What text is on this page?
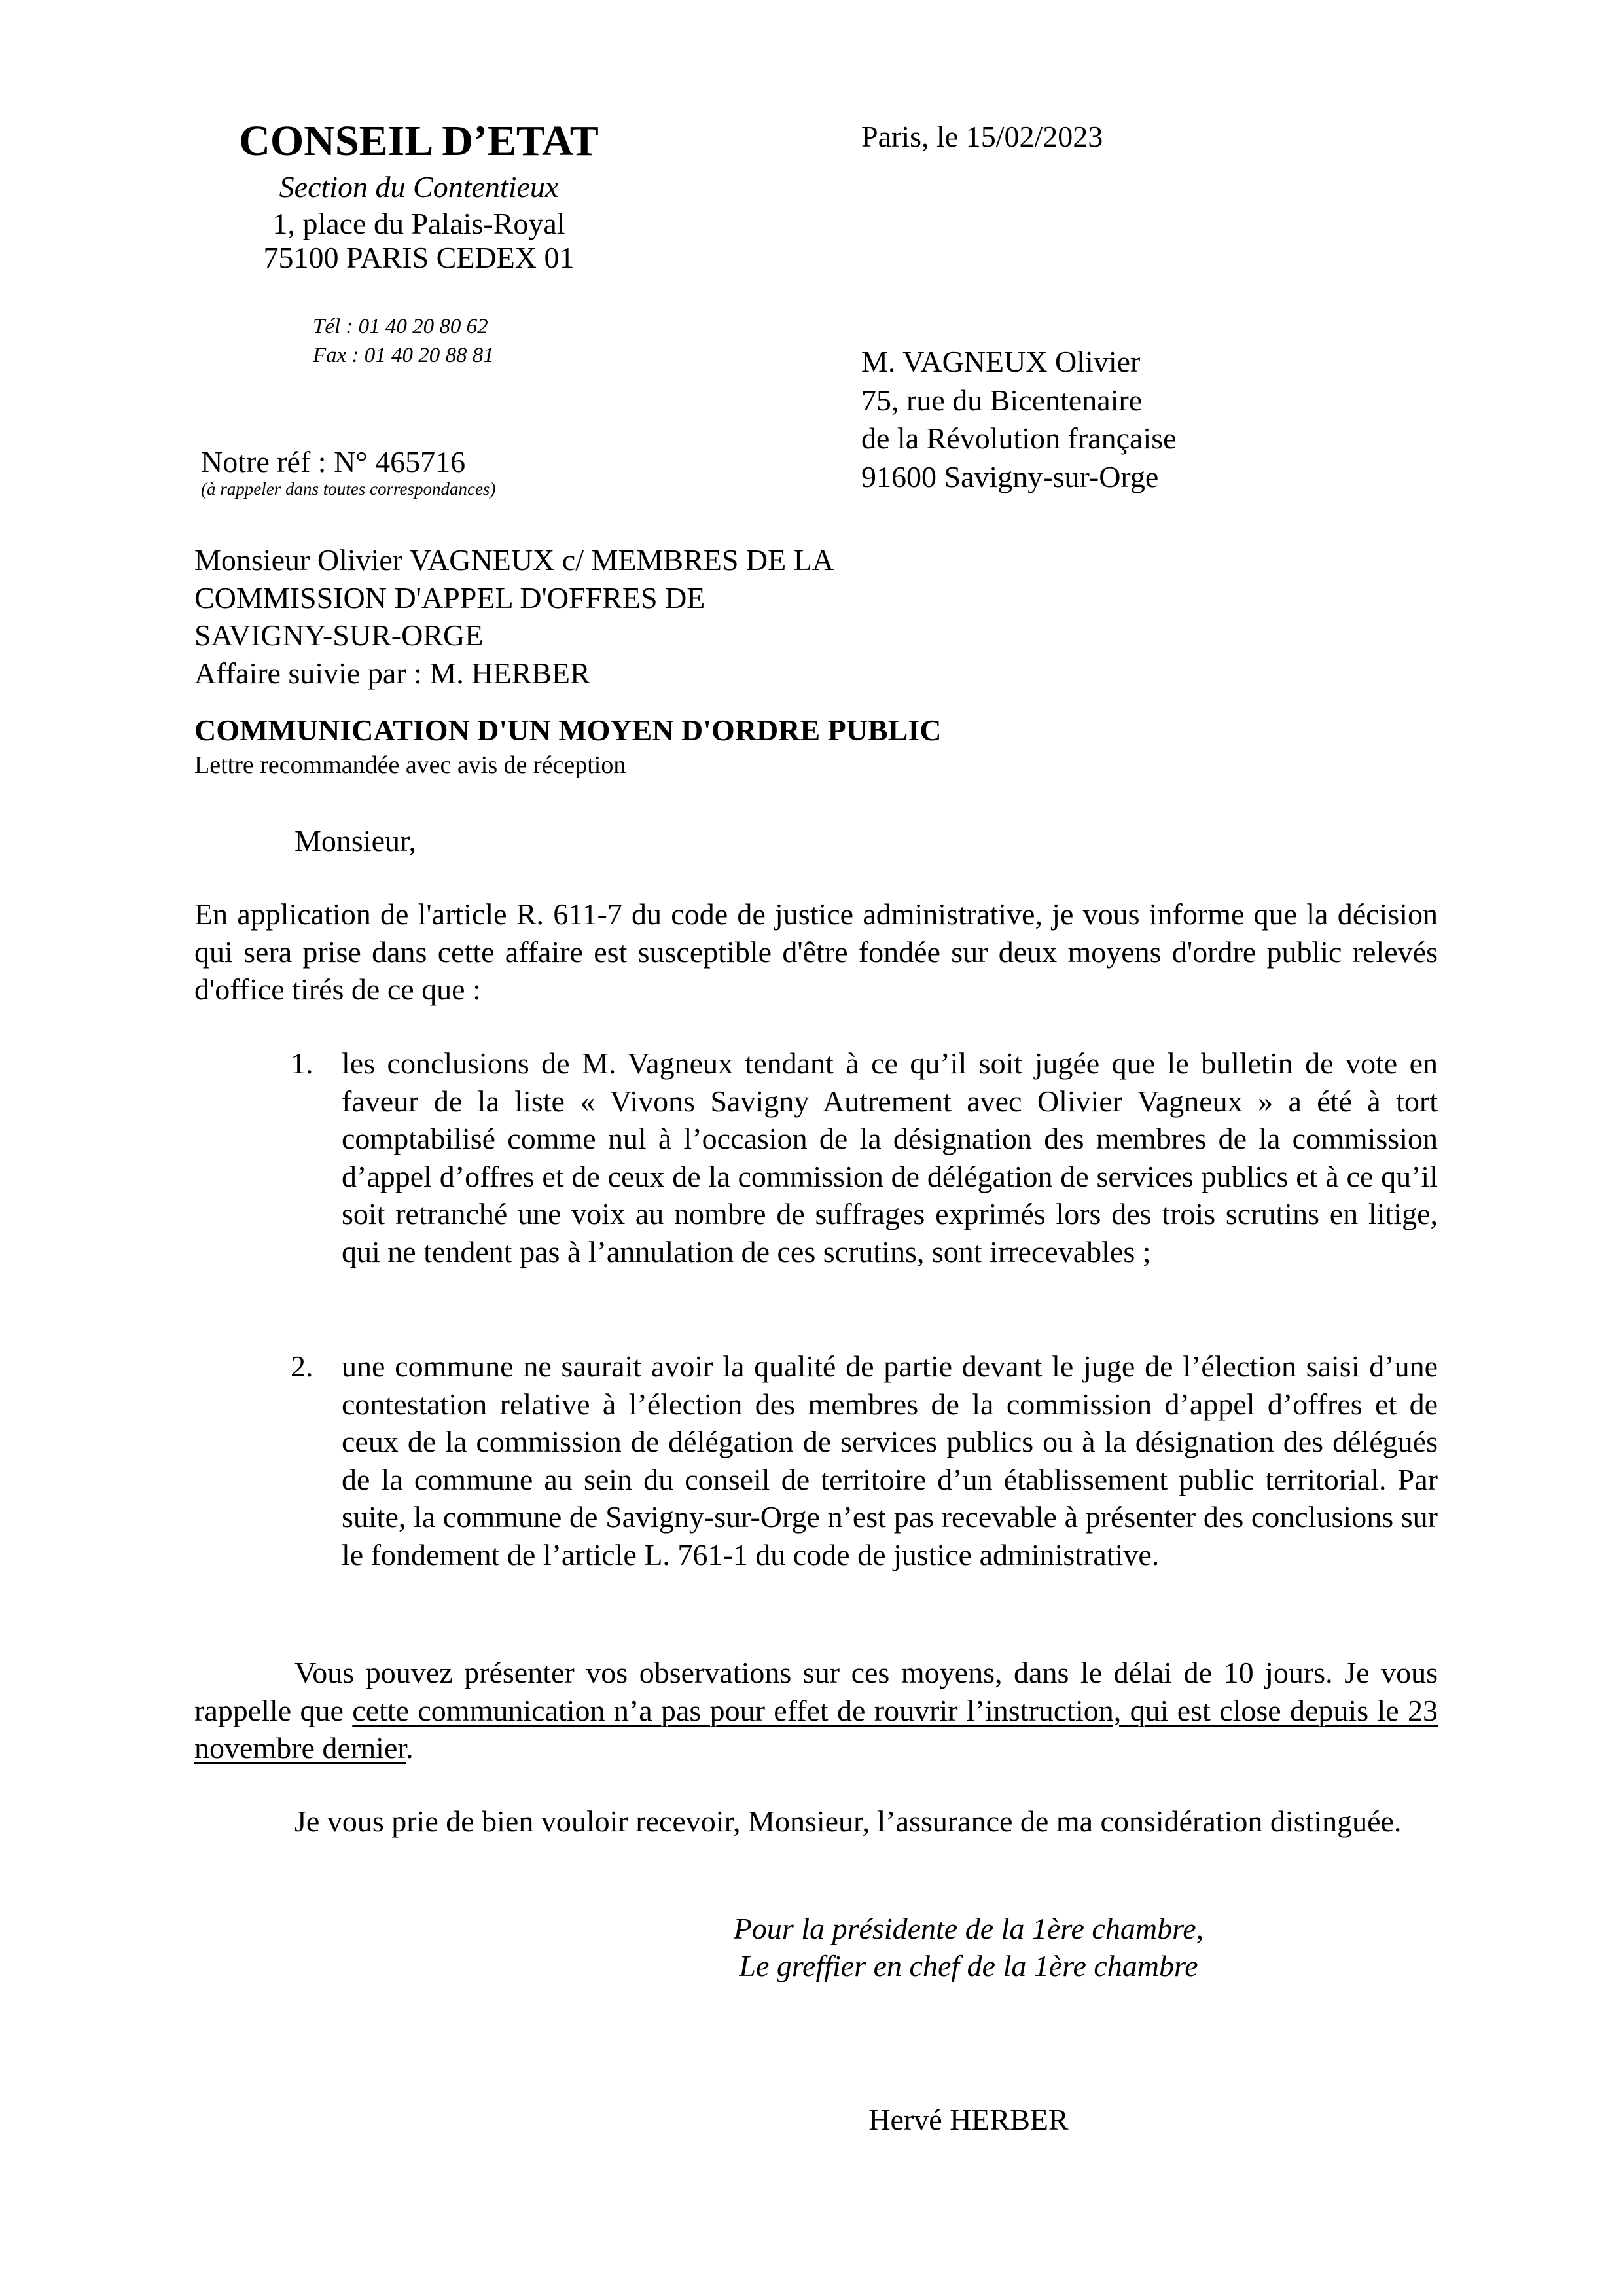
CONSEIL D’ETAT
Section du Contentieux
1, place du Palais-Royal
75100 PARIS CEDEX 01
Tél : 01 40 20 80 62
Fax : 01 40 20 88 81
Notre réf : N° 465716
(à rappeler dans toutes correspondances)
Paris, le 15/02/2023
M. VAGNEUX Olivier
75, rue du Bicentenaire
de la Révolution française
91600 Savigny-sur-Orge
Monsieur Olivier VAGNEUX c/ MEMBRES DE LA
COMMISSION D'APPEL D'OFFRES DE
SAVIGNY-SUR-ORGE
Affaire suivie par : M. HERBER
COMMUNICATION D'UN MOYEN D'ORDRE PUBLIC
Lettre recommandée avec avis de réception
Monsieur,
En application de l'article R. 611-7 du code de justice administrative, je vous informe que la décision qui sera prise dans cette affaire est susceptible d'être fondée sur deux moyens d'ordre public relevés d'office tirés de ce que :
1. les conclusions de M. Vagneux tendant à ce qu’il soit jugée que le bulletin de vote en faveur de la liste « Vivons Savigny Autrement avec Olivier Vagneux » a été à tort comptabilisé comme nul à l’occasion de la désignation des membres de la commission d’appel d’offres et de ceux de la commission de délégation de services publics et à ce qu’il soit retranché une voix au nombre de suffrages exprimés lors des trois scrutins en litige, qui ne tendent pas à l’annulation de ces scrutins, sont irrecevables ;
2. une commune ne saurait avoir la qualité de partie devant le juge de l’élection saisi d’une contestation relative à l’élection des membres de la commission d’appel d’offres et de ceux de la commission de délégation de services publics ou à la désignation des délégués de la commune au sein du conseil de territoire d’un établissement public territorial. Par suite, la commune de Savigny-sur-Orge n’est pas recevable à présenter des conclusions sur le fondement de l’article L. 761-1 du code de justice administrative.
Vous pouvez présenter vos observations sur ces moyens, dans le délai de 10 jours. Je vous rappelle que cette communication n’a pas pour effet de rouvrir l’instruction, qui est close depuis le 23 novembre dernier.
Je vous prie de bien vouloir recevoir, Monsieur, l’assurance de ma considération distinguée.
Pour la présidente de la 1ère chambre,
Le greffier en chef de la 1ère chambre
Hervé HERBER
